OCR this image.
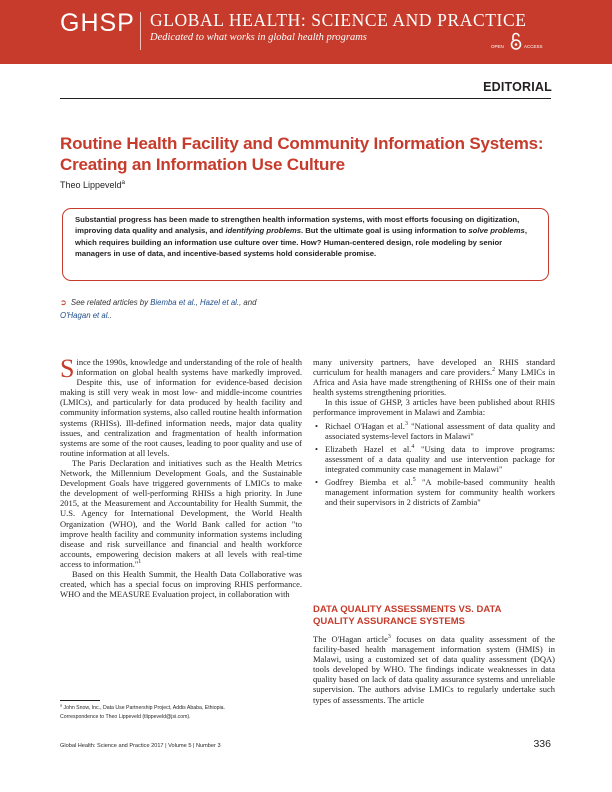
GHSP GLOBAL HEALTH: SCIENCE AND PRACTICE
Dedicated to what works in global health programs
OPEN	ACCESS
EDITORIAL
Routine Health Facility and Community Information Systems:
Creating an Information Use Culture
Theo Lippeveld$^a$
Substantial progress has been made to strengthen health information systems, with most efforts focusing on digitization, improving data quality and analysis, and identifying problems. But the ultimate goal is using information to solve problems, which requires building an information use culture over time. How? Human-centered design, role modeling by senior managers in use of data, and incentive-based systems hold considerable promise.
➲ See related articles by Biemba et al., Hazel et al., and
O'Hagan et al..

Since the 1990s, knowledge and understanding of the role of health information on global health systems have markedly improved. Despite this, use of information for evidence-based decision making is still very weak in most low- and middle-income countries (LMICs), and particularly for data produced by health facility and community information systems, also called routine health information systems (RHISs). Ill-defined information needs, major data quality issues, and centralization and fragmentation of health information systems are some of the root causes, leading to poor quality and use of routine information at all levels.

The Paris Declaration and initiatives such as the Health Metrics Network, the Millennium Development Goals, and the Sustainable Development Goals have triggered governments of LMICs to make the development of well-performing RHISs a high priority. In June 2015, at the Measurement and Accountability for Health Summit, the U.S. Agency for International Development, the World Health Organization (WHO), and the World Bank called for action "to improve health facility and community information systems including disease and risk surveillance and financial and health workforce accounts, empowering decision makers at all levels with real-time access to information."$^1$

Based on this Health Summit, the Health Data Collaborative was created, which has a special focus on improving RHIS performance. WHO and the MEASURE Evaluation project, in collaboration with

many university partners, have developed an RHIS standard curriculum for health managers and care providers.$^2$ Many LMICs in Africa and Asia have made strengthening of RHISs one of their main health systems strengthening priorities.

In this issue of GHSP, 3 articles have been published about RHIS performance improvement in Malawi and Zambia:

• Richael O'Hagan et al.$^3$ "National assessment of data quality and associated systems-level factors in Malawi"
• Elizabeth Hazel et al.$^4$ "Using data to improve programs: assessment of a data quality and use intervention package for integrated community case management in Malawi"
• Godfrey Biemba et al.$^5$ "A mobile-based community health management information system for community health workers and their supervisors in 2 districts of Zambia"
DATA QUALITY ASSESSMENTS VS. DATA
QUALITY ASSURANCE SYSTEMS

The O'Hagan article$^3$ focuses on data quality assessment of the facility-based health management information system (HMIS) in Malawi, using a customized set of data quality assessment (DQA) tools developed by WHO. The findings indicate weaknesses in data quality based on lack of data quality assurance systems and unreliable supervision. The authors advise LMICs to regularly undertake such types of assessments. The article

$^a$ John Snow, Inc., Data Use Partnership Project, Addis Ababa, Ethiopia.
Correspondence to Theo Lippeveld (tlippeveld@jsi.com).
Global Health: Science and Practice 2017 | Volume 5 | Number 3	336
